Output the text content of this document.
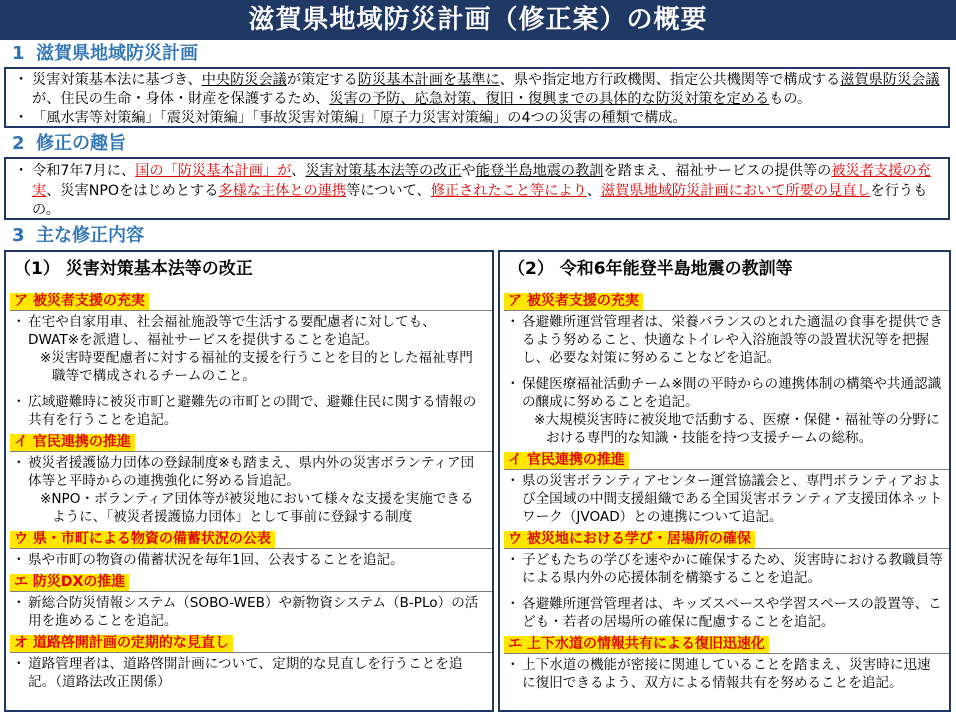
滋賀県地域防災計画（修正案）の概要
1 滋賀県地域防災計画
・ 災害対策基本法に基づき、中央防災会議が策定する防災基本計画を基準に、県や指定地方行政機関、指定公共機関等で構成する滋賀県防災会議が、住民の生命・身体・財産を保護するため、災害の予防、応急対策、復旧・復興までの具体的な防災対策を定めるもの。
・ 「風水害等対策編」「震災対策編」「事故災害対策編」「原子力災害対策編」の4つの災害の種類で構成。
2 修正の趣旨
・ 令和7年7月に、国の「防災基本計画」が、災害対策基本法等の改正や能登半島地震の教訓を踏まえ、福祉サービスの提供等の被災者支援の充実、災害NPOをはじめとする多様な主体との連携等について、修正されたこと等により、滋賀県地域防災計画において所要の見直しを行うもの。
3 主な修正内容
（1） 災害対策基本法等の改正
ア 被災者支援の充実
・ 在宅や自家用車、社会福祉施設等で生活する要配慮者に対しても、DWAT※を派遣し、福祉サービスを提供することを追記。
※災害時要配慮者に対する福祉的支援を行うことを目的とした福祉専門職等で構成されるチームのこと。
・ 広域避難時に被災市町と避難先の市町との間で、避難住民に関する情報の共有を行うことを追記。
イ 官民連携の推進
・ 被災者援護協力団体の登録制度※も踏まえ、県内外の災害ボランティア団体等と平時からの連携強化に努める旨追記。
※NPO・ボランティア団体等が被災地において様々な支援を実施できるように、「被災者援護協力団体」として事前に登録する制度
ウ 県・市町による物資の備蓄状況の公表
・ 県や市町の物資の備蓄状況を毎年1回、公表することを追記。
エ 防災DXの推進
・ 新総合防災情報システム（SOBO-WEB）や新物資システム（B-PLo）の活用を進めることを追記。
オ 道路啓開計画の定期的な見直し
・ 道路管理者は、道路啓開計画について、定期的な見直しを行うことを追記。（道路法改正関係）
（2） 令和6年能登半島地震の教訓等
ア 被災者支援の充実
・ 各避難所運営管理者は、栄養バランスのとれた適温の食事を提供できるよう努めること、快適なトイレや入浴施設等の設置状況等を把握し、必要な対策に努めることなどを追記。
・ 保健医療福祉活動チーム※間の平時からの連携体制の構築や共通認識の醸成に努めることを追記。
※大規模災害時に被災地で活動する、医療・保健・福祉等の分野における専門的な知識・技能を持つ支援チームの総称。
イ 官民連携の推進
・ 県の災害ボランティアセンター運営協議会と、専門ボランティアおよび全国域の中間支援組織である全国災害ボランティア支援団体ネットワーク（JVOAD）との連携について追記。
ウ 被災地における学び・居場所の確保
・ 子どもたちの学びを速やかに確保するため、災害時における教職員等による県内外の応援体制を構築することを追記。
・ 各避難所運営管理者は、キッズスペースや学習スペースの設置等、こども・若者の居場所の確保に配慮することを追記。
エ 上下水道の情報共有による復旧迅速化
・ 上下水道の機能が密接に関連していることを踏まえ、災害時に迅速に復旧できるよう、双方による情報共有を努めることを追記。
